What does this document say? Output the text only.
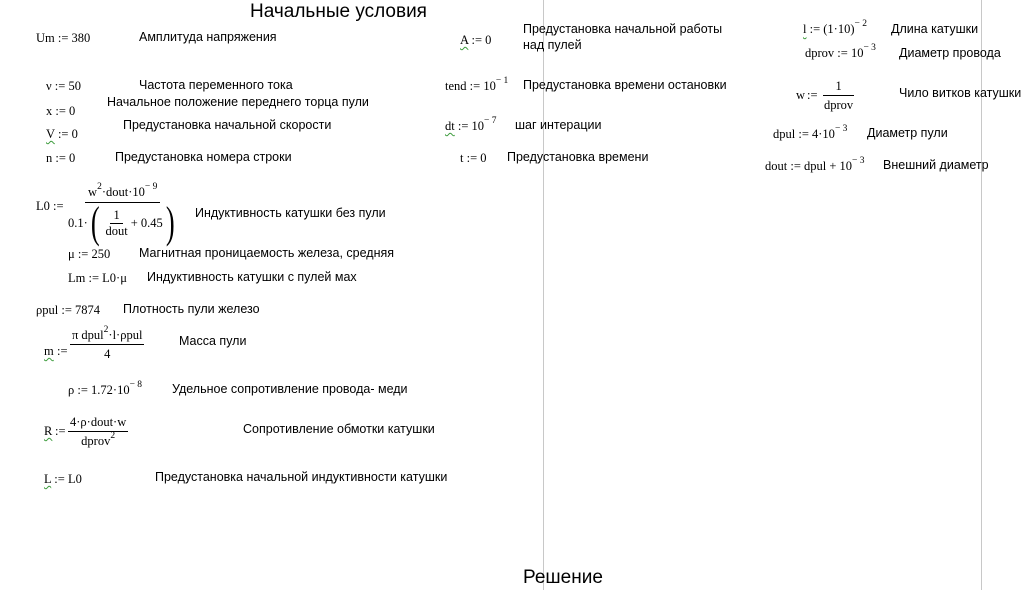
Начальные условия
Решение
Um := 380	Амплитуда напряжения
ν := 50	Частота переменного тока
x := 0
Начальное положение переднего торца пули
V := 0
Предустановка начальной скорости
n := 0	Предустановка номера строки
L0 :=
$w^2\cdot dout\cdot 10^{- 9}$
0.1· ( 1
dout
+ 0.45 ) Индуктивность катушки без пули
μ := 250 Магнитная проницаемость железа, средняя
Lm := L0·μ Индуктивность катушки с пулей мах
ρpul := 7874 Плотность пули железо
m :=
π dpul$^2$·l·ρpul
4
Масса пули
ρ := $1.72\cdot 10^{- 8}$ Удельное сопротивление провода- меди
R :=
4·ρ·dout·w
dprov$^2$	Сопротивление обмотки катушки
L := L0	Предустановка начальной индуктивности катушки
A := 0
Предустановка начальной работы
над пулей
tend := $10^{- 1}$ Предустановка времени остановки
dt := $10^{- 7}$ шаг интерации
t := 0 Предустановка времени
l := $(1\cdot 10)^{- 2}$ Длина катушки
dprov := $10^{- 3}$ Диаметр провода
w :=
1
dprov
Чило витков катушки
dpul := $4\cdot 10^{- 3}$ Диаметр пули
dout := dpul + $10^{- 3}$ Внешний диаметр
